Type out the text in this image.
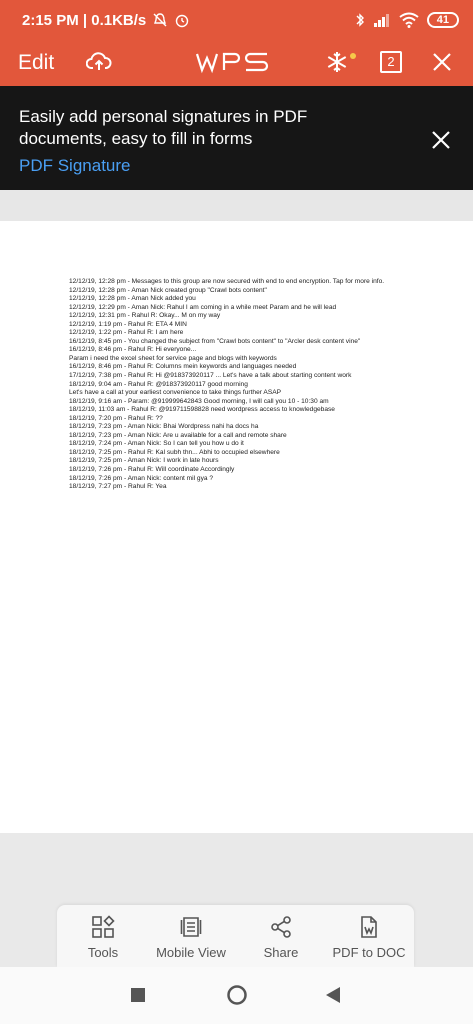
2:15 PM | 0.1KB/s	41
Edit	2
Easily add personal signatures in PDF documents, easy to fill in forms
PDF Signature
12/12/19, 12:28 pm - Messages to this group are now secured with end to end encryption. Tap for more info.
12/12/19, 12:28 pm - Aman Nick created group "Crawl bots content"
12/12/19, 12:28 pm - Aman Nick added you
12/12/19, 12:29 pm - Aman Nick: Rahul I am coming in a while meet Param and he will lead
12/12/19, 12:31 pm - Rahul R: Okay... M on my way
12/12/19, 1:19 pm - Rahul R: ETA 4 MIN
12/12/19, 1:22 pm - Rahul R: I am here
16/12/19, 8:45 pm - You changed the subject from "Crawl bots content" to "Arcler desk content vine"
16/12/19, 8:46 pm - Rahul R: Hi everyone...
Param i need the excel sheet for service page and blogs with keywords
16/12/19, 8:46 pm - Rahul R: Columns mein keywords and languages needed
17/12/19, 7:38 pm - Rahul R: Hi @918373920117 ... Let's have a talk about starting content work
18/12/19, 9:04 am - Rahul R: @918373920117 good morning
Let's have a call at your earliest convenience to take things further ASAP
18/12/19, 9:16 am - Param: @919999642843 Good morning, I will call you 10 - 10:30 am
18/12/19, 11:03 am - Rahul R: @919711598828 need wordpress access to knowledgebase
18/12/19, 7:20 pm - Rahul R: ??
18/12/19, 7:23 pm - Aman Nick: Bhai Wordpress nahi ha docs ha
18/12/19, 7:23 pm - Aman Nick: Are u available for a call and remote share
18/12/19, 7:24 pm - Aman Nick: So I can tell you how u do it
18/12/19, 7:25 pm - Rahul R: Kal subh thn... Abhi to occupied elsewhere
18/12/19, 7:25 pm - Aman Nick: I work in late hours
18/12/19, 7:26 pm - Rahul R: Will coordinate Accordingly
18/12/19, 7:26 pm - Aman Nick: content mil gya ?
18/12/19, 7:27 pm - Rahul R: Yea
Tools	Mobile View	Share	PDF to DOC
